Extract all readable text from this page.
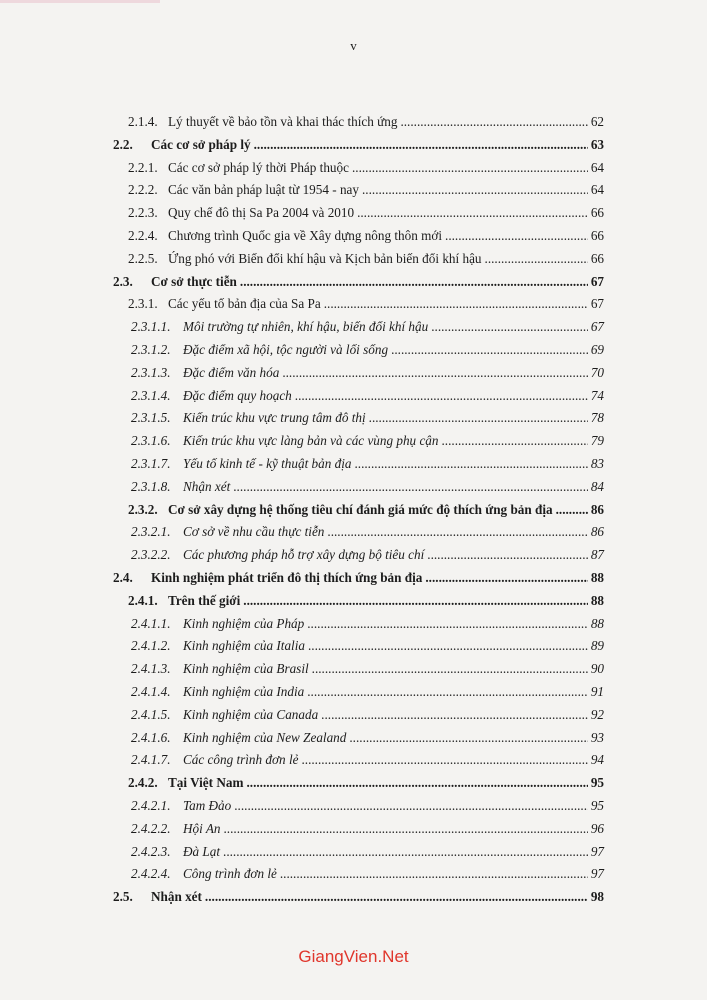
v
2.1.4. Lý thuyết về bảo tồn và khai thác thích ứng .....	62
2.2.	Các cơ sở pháp lý .....	63
2.2.1. Các cơ sở pháp lý thời Pháp thuộc .....	64
2.2.2. Các văn bản pháp luật từ 1954 - nay .....	64
2.2.3. Quy chế đô thị Sa Pa 2004 và 2010 .....	66
2.2.4. Chương trình Quốc gia về Xây dựng nông thôn mới .....	66
2.2.5. Ứng phó với Biến đổi khí hậu và Kịch bản biến đổi khí hậu .....	66
2.3.	Cơ sở thực tiễn .....	67
2.3.1. Các yếu tố bản địa của Sa Pa .....	67
2.3.1.1. Môi trường tự nhiên, khí hậu, biến đổi khí hậu .....	67
2.3.1.2. Đặc điểm xã hội, tộc người và lối sống .....	69
2.3.1.3. Đặc điểm văn hóa .....	70
2.3.1.4. Đặc điểm quy hoạch .....	74
2.3.1.5. Kiến trúc khu vực trung tâm đô thị .....	78
2.3.1.6. Kiến trúc khu vực làng bản và các vùng phụ cận .....	79
2.3.1.7. Yếu tố kinh tế - kỹ thuật bản địa .....	83
2.3.1.8. Nhận xét .....	84
2.3.2. Cơ sở xây dựng hệ thống tiêu chí đánh giá mức độ thích ứng bản địa .....	86
2.3.2.1. Cơ sở về nhu cầu thực tiễn .....	86
2.3.2.2. Các phương pháp hỗ trợ xây dựng bộ tiêu chí .....	87
2.4.	Kinh nghiệm phát triển đô thị thích ứng bản địa .....	88
2.4.1. Trên thế giới .....	88
2.4.1.1. Kinh nghiệm của Pháp .....	88
2.4.1.2. Kinh nghiệm của Italia .....	89
2.4.1.3. Kinh nghiệm của Brasil .....	90
2.4.1.4. Kinh nghiệm của India .....	91
2.4.1.5. Kinh nghiệm của Canada .....	92
2.4.1.6. Kinh nghiệm của New Zealand .....	93
2.4.1.7. Các công trình đơn lẻ .....	94
2.4.2. Tại Việt Nam .....	95
2.4.2.1. Tam Đảo .....	95
2.4.2.2. Hội An .....	96
2.4.2.3. Đà Lạt .....	97
2.4.2.4. Công trình đơn lẻ .....	97
2.5.	Nhận xét .....	98
GiangVien.Net
